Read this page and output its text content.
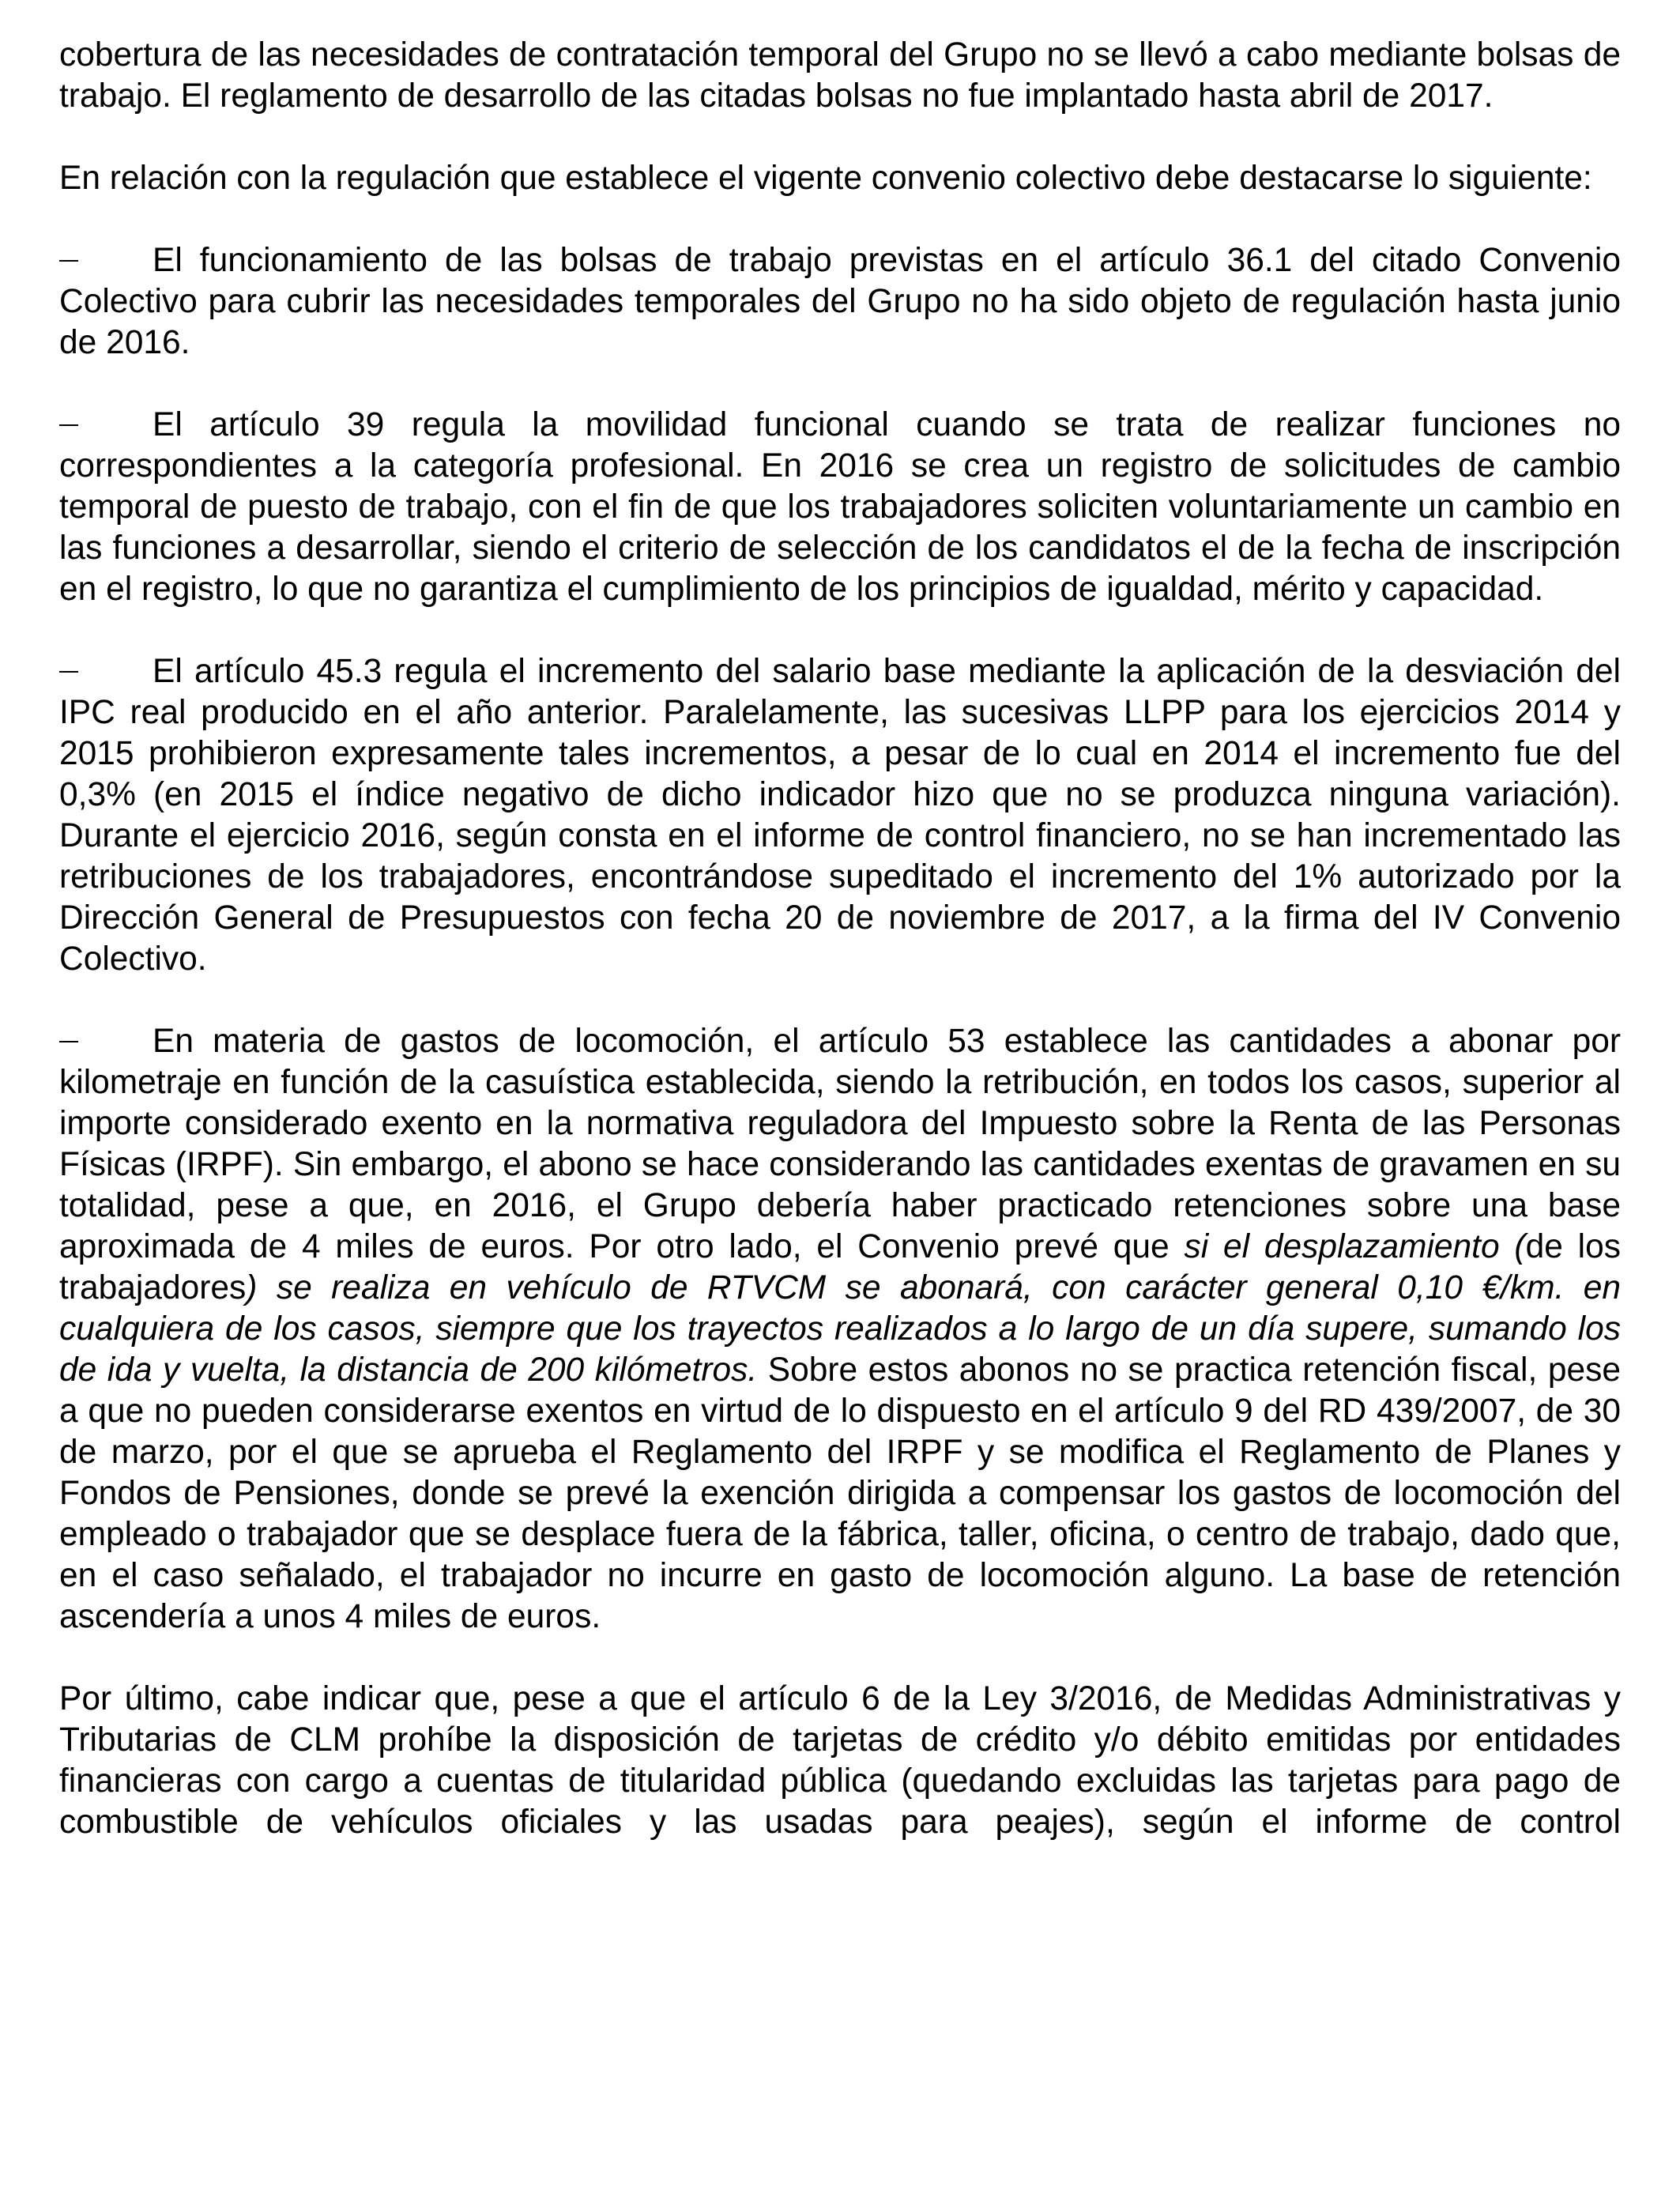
cobertura de las necesidades de contratación temporal del Grupo no se llevó a cabo mediante bolsas de trabajo. El reglamento de desarrollo de las citadas bolsas no fue implantado hasta abril de 2017.

En relación con la regulación que establece el vigente convenio colectivo debe destacarse lo siguiente:

El funcionamiento de las bolsas de trabajo previstas en el artículo 36.1 del citado Convenio Colectivo para cubrir las necesidades temporales del Grupo no ha sido objeto de regulación hasta junio de 2016.

El artículo 39 regula la movilidad funcional cuando se trata de realizar funciones no correspondientes a la categoría profesional. En 2016 se crea un registro de solicitudes de cambio temporal de puesto de trabajo, con el fin de que los trabajadores soliciten voluntariamente un cambio en las funciones a desarrollar, siendo el criterio de selección de los candidatos el de la fecha de inscripción en el registro, lo que no garantiza el cumplimiento de los principios de igualdad, mérito y capacidad.

El artículo 45.3 regula el incremento del salario base mediante la aplicación de la desviación del IPC real producido en el año anterior. Paralelamente, las sucesivas LLPP para los ejercicios 2014 y 2015 prohibieron expresamente tales incrementos, a pesar de lo cual en 2014 el incremento fue del 0,3% (en 2015 el índice negativo de dicho indicador hizo que no se produzca ninguna variación). Durante el ejercicio 2016, según consta en el informe de control financiero, no se han incrementado las retribuciones de los trabajadores, encontrándose supeditado el incremento del 1% autorizado por la Dirección General de Presupuestos con fecha 20 de noviembre de 2017, a la firma del IV Convenio Colectivo.

En materia de gastos de locomoción, el artículo 53 establece las cantidades a abonar por kilometraje en función de la casuística establecida, siendo la retribución, en todos los casos, superior al importe considerado exento en la normativa reguladora del Impuesto sobre la Renta de las Personas Físicas (IRPF). Sin embargo, el abono se hace considerando las cantidades exentas de gravamen en su totalidad, pese a que, en 2016, el Grupo debería haber practicado retenciones sobre una base aproximada de 4 miles de euros. Por otro lado, el Convenio prevé que si el desplazamiento (de los trabajadores) se realiza en vehículo de RTVCM se abonará, con carácter general 0,10 €/km. en cualquiera de los casos, siempre que los trayectos realizados a lo largo de un día supere, sumando los de ida y vuelta, la distancia de 200 kilómetros. Sobre estos abonos no se practica retención fiscal, pese a que no pueden considerarse exentos en virtud de lo dispuesto en el artículo 9 del RD 439/2007, de 30 de marzo, por el que se aprueba el Reglamento del IRPF y se modifica el Reglamento de Planes y Fondos de Pensiones, donde se prevé la exención dirigida a compensar los gastos de locomoción del empleado o trabajador que se desplace fuera de la fábrica, taller, oficina, o centro de trabajo, dado que, en el caso señalado, el trabajador no incurre en gasto de locomoción alguno. La base de retención ascendería a unos 4 miles de euros.

Por último, cabe indicar que, pese a que el artículo 6 de la Ley 3/2016, de Medidas Administrativas y Tributarias de CLM prohíbe la disposición de tarjetas de crédito y/o débito emitidas por entidades financieras con cargo a cuentas de titularidad pública (quedando excluidas las tarjetas para pago de combustible de vehículos oficiales y las usadas para peajes), según el informe de control
